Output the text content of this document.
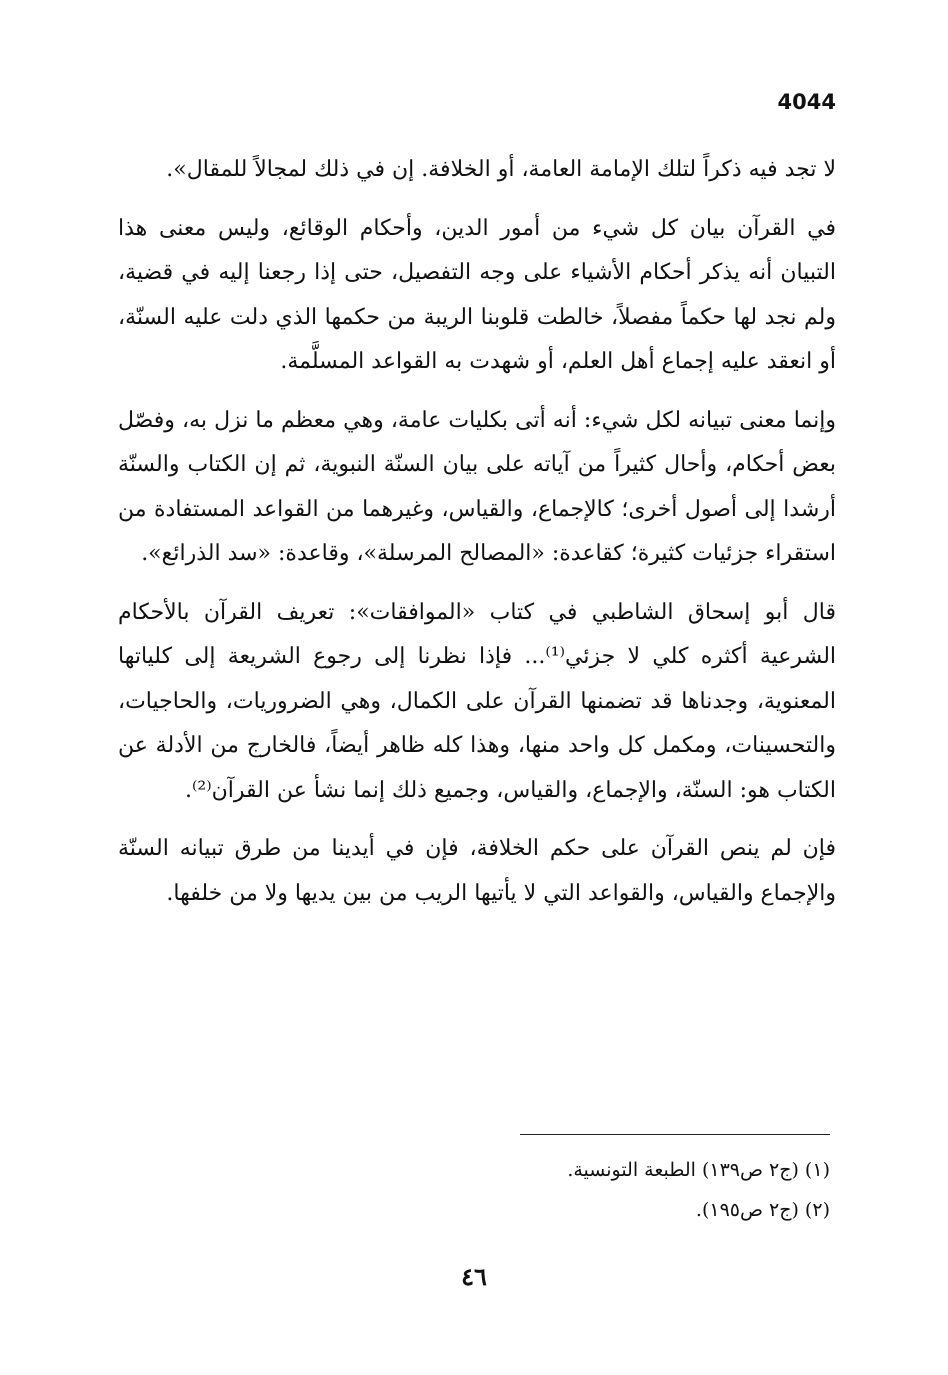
4044

لا تجد فيه ذكراً لتلك الإمامة العامة، أو الخلافة. إن في ذلك لمجالاً للمقال».

في القرآن بيان كل شيء من أمور الدين، وأحكام الوقائع، وليس معنى هذا التبيان أنه يذكر أحكام الأشياء على وجه التفصيل، حتى إذا رجعنا إليه في قضية، ولم نجد لها حكماً مفصلاً، خالطت قلوبنا الريبة من حكمها الذي دلت عليه السنّة، أو انعقد عليه إجماع أهل العلم، أو شهدت به القواعد المسلَّمة.

وإنما معنى تبيانه لكل شيء: أنه أتى بكليات عامة، وهي معظم ما نزل به، وفصّل بعض أحكام، وأحال كثيراً من آياته على بيان السنّة النبوية، ثم إن الكتاب والسنّة أرشدا إلى أصول أخرى؛ كالإجماع، والقياس، وغيرهما من القواعد المستفادة من استقراء جزئيات كثيرة؛ كقاعدة: «المصالح المرسلة»، وقاعدة: «سد الذرائع».

قال أبو إسحاق الشاطبي في كتاب «الموافقات»: تعريف القرآن بالأحكام الشرعية أكثره كلي لا جزئي⁽¹⁾... فإذا نظرنا إلى رجوع الشريعة إلى كلياتها المعنوية، وجدناها قد تضمنها القرآن على الكمال، وهي الضروريات، والحاجيات، والتحسينات، ومكمل كل واحد منها، وهذا كله ظاهر أيضاً، فالخارج من الأدلة عن الكتاب هو: السنّة، والإجماع، والقياس، وجميع ذلك إنما نشأ عن القرآن⁽²⁾.

فإن لم ينص القرآن على حكم الخلافة، فإن في أيدينا من طرق تبيانه السنّة والإجماع والقياس، والقواعد التي لا يأتيها الريب من بين يديها ولا من خلفها.

(١) (ج٢ ص١٣٩) الطبعة التونسية.
(٢) (ج٢ ص١٩٥).
٤٦
